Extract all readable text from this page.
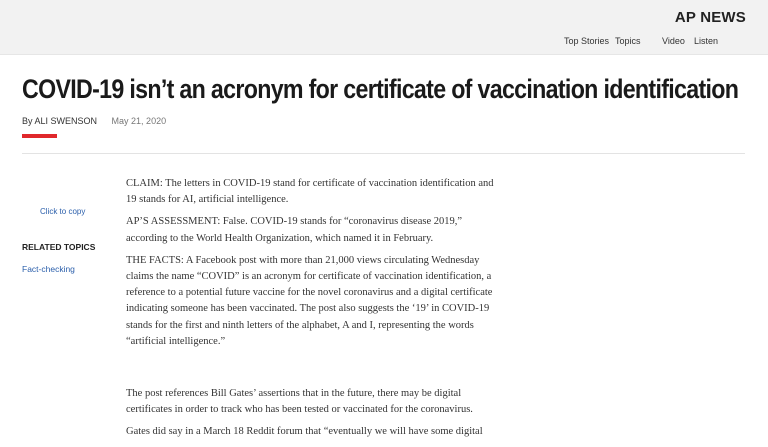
AP NEWS
Top Stories Topics Video Listen
COVID-19 isn’t an acronym for certificate of vaccination identification
By ALI SWENSON May 21, 2020
Click to copy
RELATED TOPICS
Fact-checking

CLAIM: The letters in COVID-19 stand for certificate of vaccination identification and 19 stands for AI, artificial intelligence.

AP’S ASSESSMENT: False. COVID-19 stands for “coronavirus disease 2019,” according to the World Health Organization, which named it in February.

THE FACTS: A Facebook post with more than 21,000 views circulating Wednesday claims the name “COVID” is an acronym for certificate of vaccination identification, a reference to a potential future vaccine for the novel coronavirus and a digital certificate indicating someone has been vaccinated. The post also suggests the ‘19’ in COVID-19 stands for the first and ninth letters of the alphabet, A and I, representing the words “artificial intelligence.”

The post references Bill Gates’ assertions that in the future, there may be digital certificates in order to track who has been tested or vaccinated for the coronavirus.

Gates did say in a March 18 Reddit forum that “eventually we will have some digital
